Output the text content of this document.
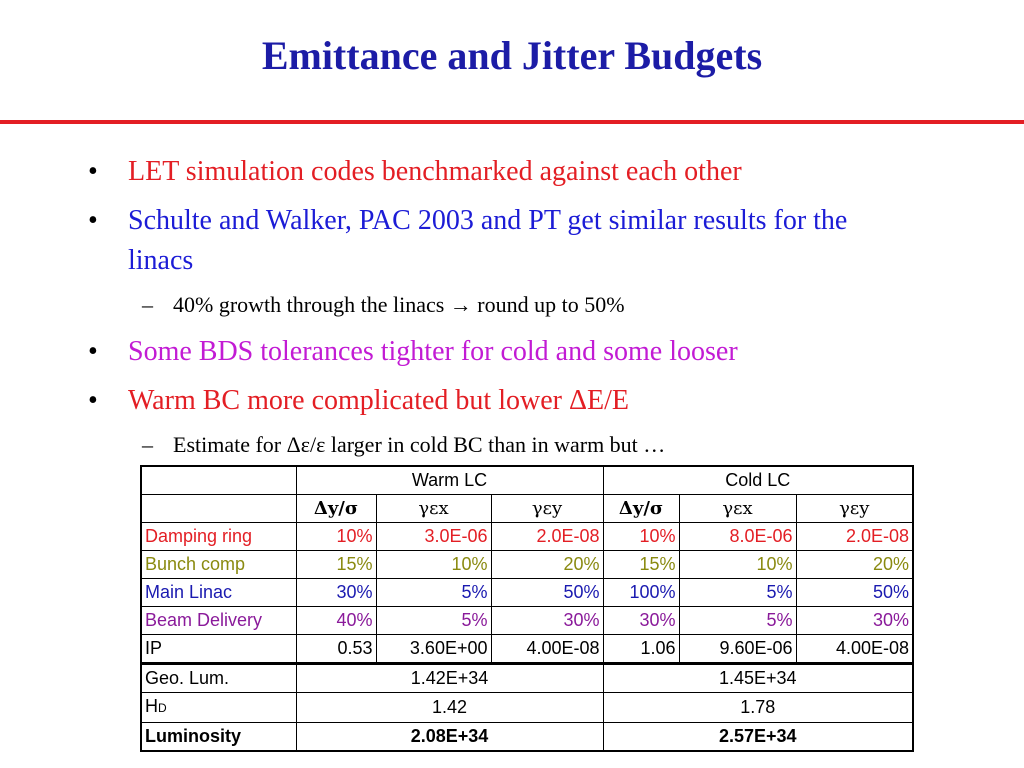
Emittance and Jitter Budgets
•	LET simulation codes benchmarked against each other
•	Schulte and Walker, PAC 2003 and PT get similar results for the linacs
– 40% growth through the linacs → round up to 50%
•	Some BDS tolerances tighter for cold and some looser
•	Warm BC more complicated but lower ΔE/E
– Estimate for Δε/ε larger in cold BC than in warm but …
	Warm LC			Cold LC		
	Δy/σ	γεx	γεy	Δy/σ	γεx	γεy
Damping ring	10%	3.0E-06	2.0E-08	10%	8.0E-06	2.0E-08
Bunch comp	15%	10%	20%	15%	10%	20%
Main Linac	30%	5%	50%	100%	5%	50%
Beam Delivery	40%	5%	30%	30%	5%	30%
IP	0.53	3.60E+00	4.00E-08	1.06	9.60E-06	4.00E-08
Geo. Lum.	1.42E+34			1.45E+34		
HD	1.42			1.78		
Luminosity	2.08E+34			2.57E+34		
